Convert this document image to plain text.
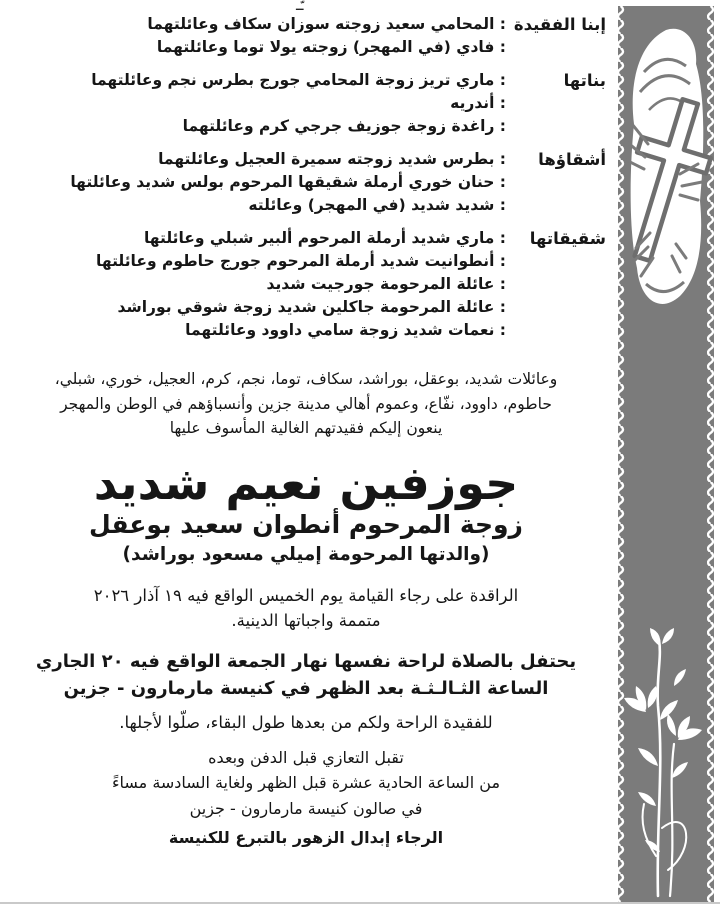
ـّـ
إبنا الفقيدة
: المحامي سعيد زوجته سوزان سكاف وعائلتهما
: فادي (في المهجر) زوجته يولا توما وعائلتهما
بناتها
: ماري تريز زوجة المحامي جورج بطرس نجم وعائلتهما
: أندريه
: راغدة زوجة جوزيف جرجي كرم وعائلتهما
أشقاؤها
: بطرس شديد زوجته سميرة العجيل وعائلتهما
: حنان خوري أرملة شقيقها المرحوم بولس شديد وعائلتها
: شديد شديد (في المهجر) وعائلته
شقيقاتها
: ماري شديد أرملة المرحوم ألبير شبلي وعائلتها
: أنطوانيت شديد أرملة المرحوم جورج حاطوم وعائلتها
: عائلة المرحومة جورجيت شديد
: عائلة المرحومة جاكلين شديد زوجة شوقي بوراشد
: نعمات شديد زوجة سامي داوود وعائلتهما
وعائلات شديد، بوعقل، بوراشد، سكاف، توما، نجم، كرم، العجيل، خوري، شبلي،
حاطوم، داوود، نفّاع، وعموم أهالي مدينة جزين وأنسباؤهم في الوطن والمهجر
ينعون إليكم فقيدتهم الغالية المأسوف عليها
جوزفين نعيم شديد
زوجة المرحوم أنطوان سعيد بوعقل
(والدتها المرحومة إميلي مسعود بوراشد)
الراقدة على رجاء القيامة يوم الخميس الواقع فيه ١٩ آذار ٢٠٢٦
متممة واجباتها الدينية.
يحتفل بالصلاة لراحة نفسها نهار الجمعة الواقع فيه ٢٠ الجاري
الساعة الثـالـثـة بعد الظهر في كنيسة مارمارون - جزين
للفقيدة الراحة ولكم من بعدها طول البقاء، صلّوا لأجلها.
تقبل التعازي قبل الدفن وبعده
من الساعة الحادية عشرة قبل الظهر ولغاية السادسة مساءً
في صالون كنيسة مارمارون - جزين
الرجاء إبدال الزهور بالتبرع للكنيسة
